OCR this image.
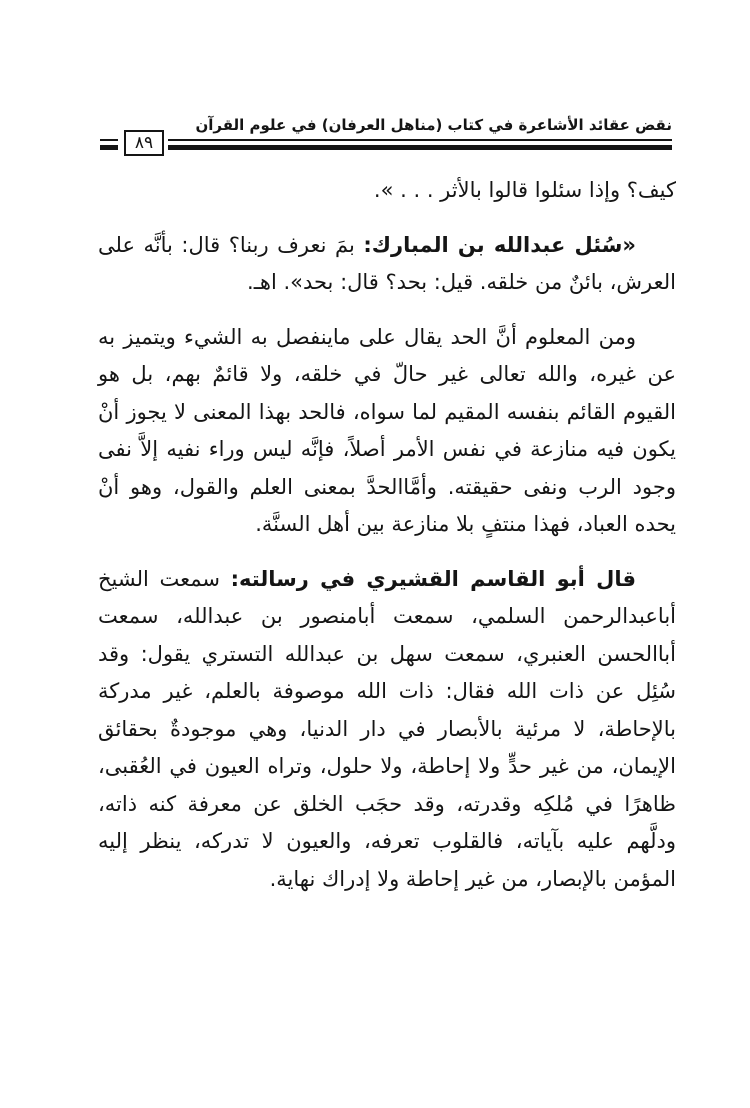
نقض عقائد الأشاعرة في كتاب (مناهل العرفان) في علوم القرآن
٨٩

كيف؟ وإذا سئلوا قالوا بالأثر . . . ».

«سُئل عبدالله بن المبارك: بمَ نعرف ربنا؟ قال: بأنَّه على العرش، بائنٌ من خلقه. قيل: بحد؟ قال: بحد». اهـ.

ومن المعلوم أنَّ الحد يقال على ماينفصل به الشيء ويتميز به عن غيره، والله تعالى غير حالّ في خلقه، ولا قائمٌ بهم، بل هو القيوم القائم بنفسه المقيم لما سواه، فالحد بهذا المعنى لا يجوز أنْ يكون فيه منازعة في نفس الأمر أصلاً، فإنَّه ليس وراء نفيه إلاَّ نفى وجود الرب ونفى حقيقته. وأمَّاالحدَّ بمعنى العلم والقول، وهو أنْ يحده العباد، فهذا منتفٍ بلا منازعة بين أهل السنَّة.

قال أبو القاسم القشيري في رسالته: سمعت الشيخ أباعبدالرحمن السلمي، سمعت أبامنصور بن عبدالله، سمعت أباالحسن العنبري، سمعت سهل بن عبدالله التستري يقول: وقد سُئِل عن ذات الله فقال: ذات الله موصوفة بالعلم، غير مدركة بالإحاطة، لا مرئية بالأبصار في دار الدنيا، وهي موجودةٌ بحقائق الإيمان، من غير حدٍّ ولا إحاطة، ولا حلول، وتراه العيون في العُقبى، ظاهرًا في مُلكِه وقدرته، وقد حجَب الخلق عن معرفة كنه ذاته، ودلَّهم عليه بآياته، فالقلوب تعرفه، والعيون لا تدركه، ينظر إليه المؤمن بالإبصار، من غير إحاطة ولا إدراك نهاية.
